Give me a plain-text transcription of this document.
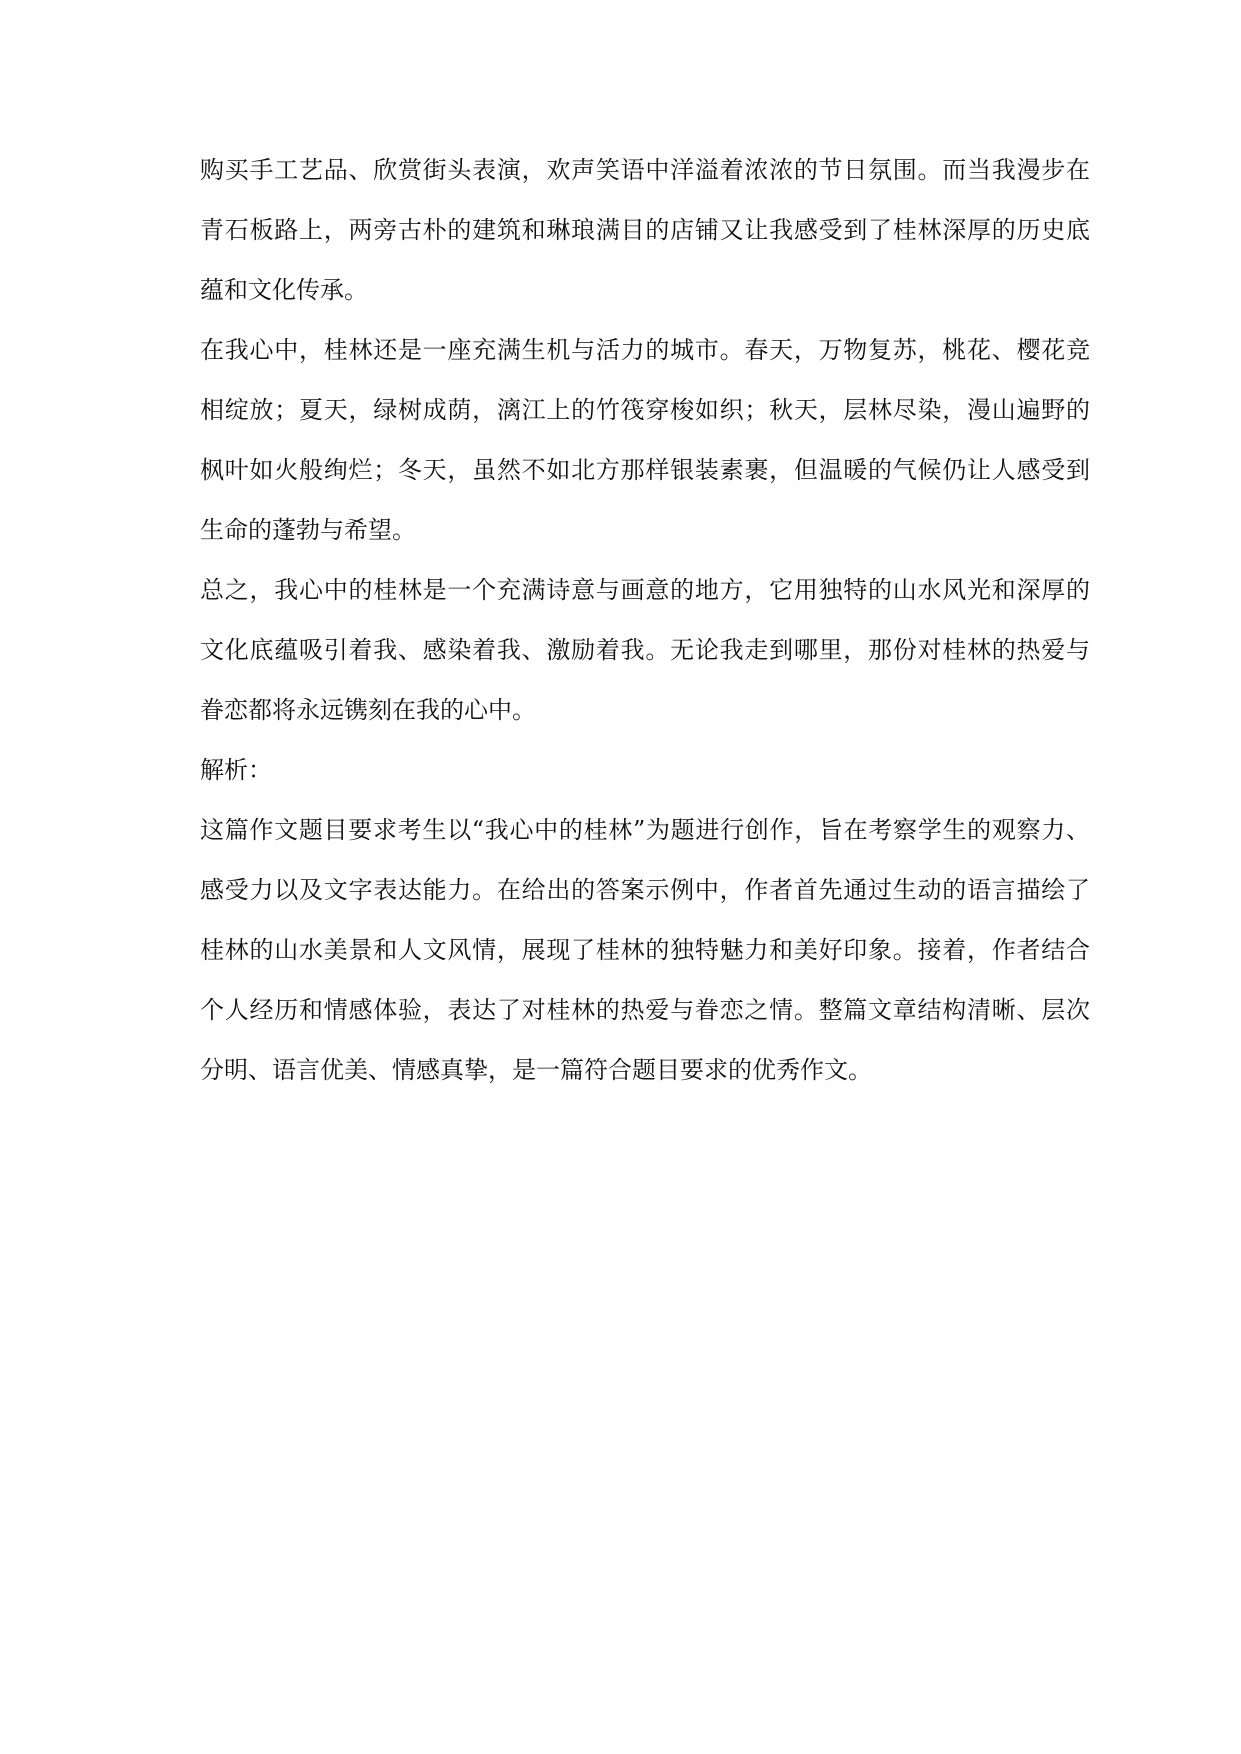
购买手工艺品、欣赏街头表演，欢声笑语中洋溢着浓浓的节日氛围。而当我漫步在
青石板路上，两旁古朴的建筑和琳琅满目的店铺又让我感受到了桂林深厚的历史底
蕴和文化传承。
在我心中，桂林还是一座充满生机与活力的城市。春天，万物复苏，桃花、樱花竞
相绽放；夏天，绿树成荫，漓江上的竹筏穿梭如织；秋天，层林尽染，漫山遍野的
枫叶如火般绚烂；冬天，虽然不如北方那样银装素裹，但温暖的气候仍让人感受到
生命的蓬勃与希望。
总之，我心中的桂林是一个充满诗意与画意的地方，它用独特的山水风光和深厚的
文化底蕴吸引着我、感染着我、激励着我。无论我走到哪里，那份对桂林的热爱与
眷恋都将永远镌刻在我的心中。
解析：
这篇作文题目要求考生以“我心中的桂林”为题进行创作，旨在考察学生的观察力、
感受力以及文字表达能力。在给出的答案示例中，作者首先通过生动的语言描绘了
桂林的山水美景和人文风情，展现了桂林的独特魅力和美好印象。接着，作者结合
个人经历和情感体验，表达了对桂林的热爱与眷恋之情。整篇文章结构清晰、层次
分明、语言优美、情感真挚，是一篇符合题目要求的优秀作文。
